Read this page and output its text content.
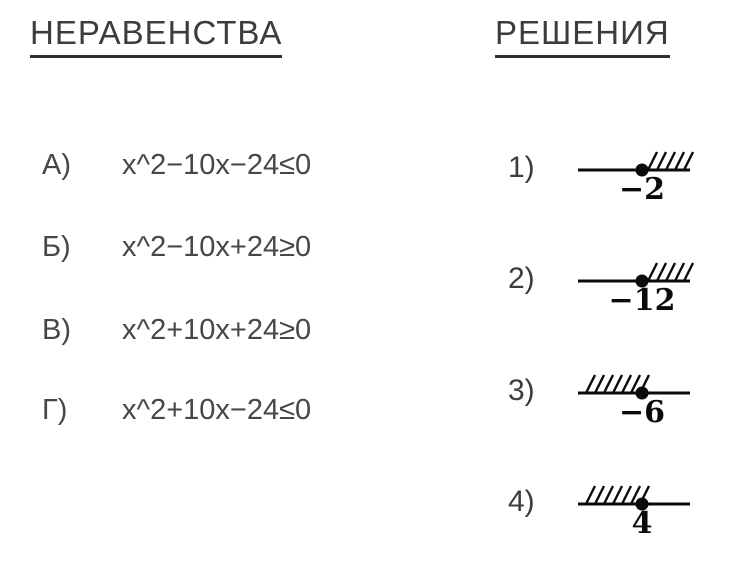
НЕРАВЕНСТВА	РЕШЕНИЯ
А) x^2−10x−24≤0
Б) x^2−10x+24≥0
В) x^2+10x+24≥0
Г) x^2+10x−24≤0
1)
−2
2)
−12
3)
−6
4)
4
